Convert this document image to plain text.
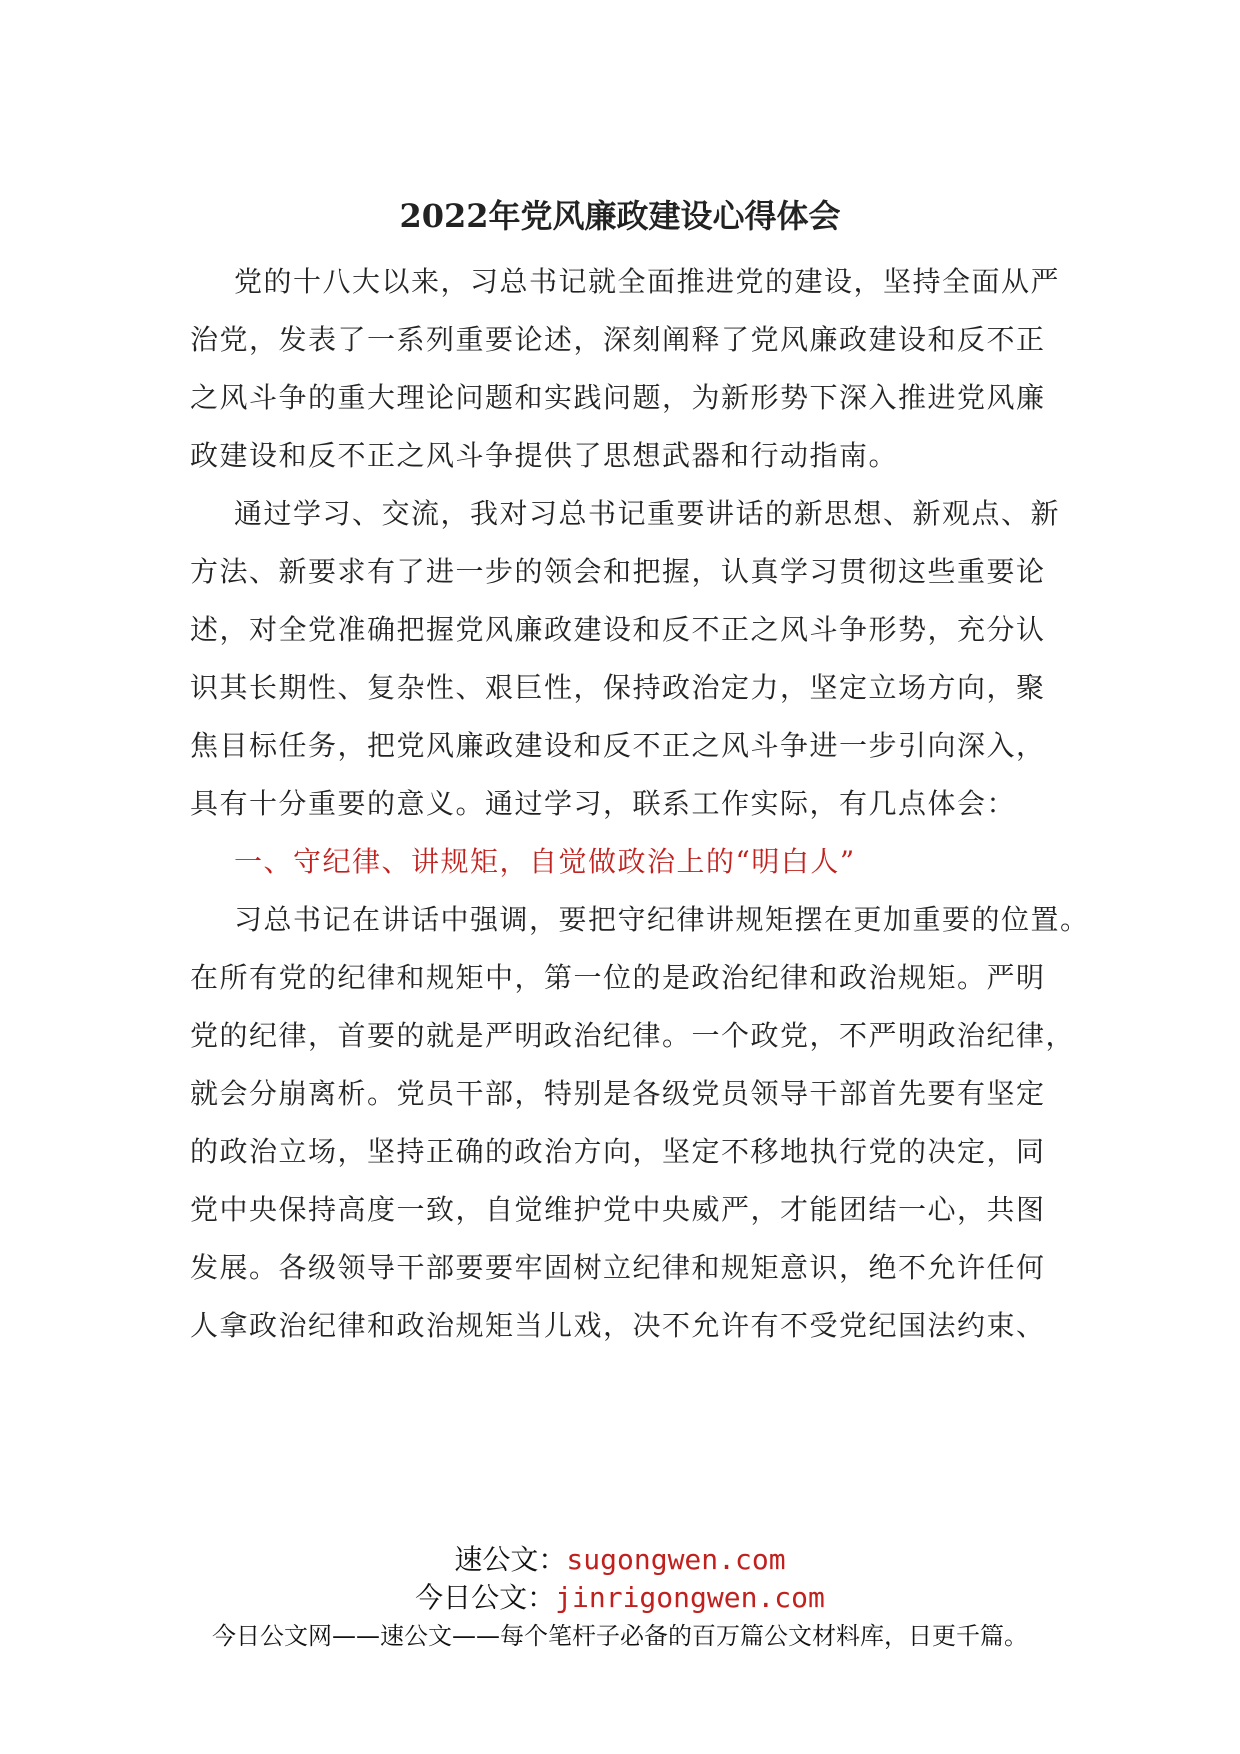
2022年党风廉政建设心得体会
党的十八大以来，习总书记就全面推进党的建设，坚持全面从严
治党，发表了一系列重要论述，深刻阐释了党风廉政建设和反不正
之风斗争的重大理论问题和实践问题，为新形势下深入推进党风廉
政建设和反不正之风斗争提供了思想武器和行动指南。
通过学习、交流，我对习总书记重要讲话的新思想、新观点、新
方法、新要求有了进一步的领会和把握，认真学习贯彻这些重要论
述，对全党准确把握党风廉政建设和反不正之风斗争形势，充分认
识其长期性、复杂性、艰巨性，保持政治定力，坚定立场方向，聚
焦目标任务，把党风廉政建设和反不正之风斗争进一步引向深入，
具有十分重要的意义。通过学习，联系工作实际，有几点体会：
一、守纪律、讲规矩，自觉做政治上的“明白人”
习总书记在讲话中强调，要把守纪律讲规矩摆在更加重要的位置。
在所有党的纪律和规矩中，第一位的是政治纪律和政治规矩。严明
党的纪律，首要的就是严明政治纪律。一个政党，不严明政治纪律，
就会分崩离析。党员干部，特别是各级党员领导干部首先要有坚定
的政治立场，坚持正确的政治方向，坚定不移地执行党的决定，同
党中央保持高度一致，自觉维护党中央威严，才能团结一心，共图
发展。各级领导干部要要牢固树立纪律和规矩意识，绝不允许任何
人拿政治纪律和政治规矩当儿戏，决不允许有不受党纪国法约束、
速公文：sugongwen.com
今日公文：jinrigongwen.com
今日公文网——速公文——每个笔杆子必备的百万篇公文材料库，日更千篇。
